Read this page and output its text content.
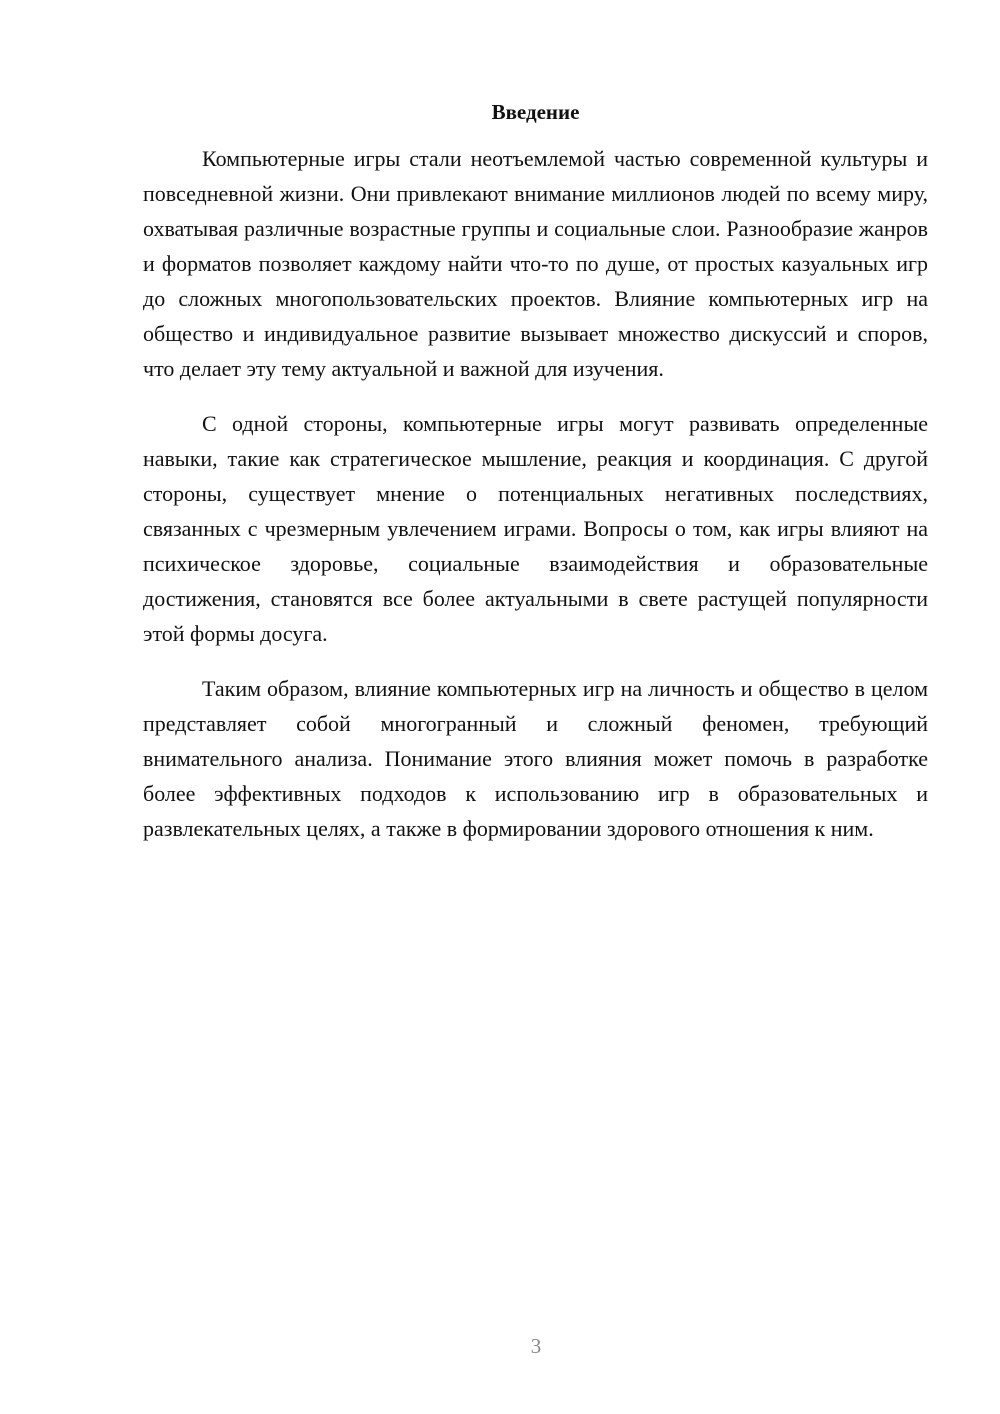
Введение

Компьютерные игры стали неотъемлемой частью современной культуры и повседневной жизни. Они привлекают внимание миллионов людей по всему миру, охватывая различные возрастные группы и социальные слои. Разнообразие жанров и форматов позволяет каждому найти что-то по душе, от простых казуальных игр до сложных многопользовательских проектов. Влияние компьютерных игр на общество и индивидуальное развитие вызывает множество дискуссий и споров, что делает эту тему актуальной и важной для изучения.

С одной стороны, компьютерные игры могут развивать определенные навыки, такие как стратегическое мышление, реакция и координация. С другой стороны, существует мнение о потенциальных негативных последствиях, связанных с чрезмерным увлечением играми. Вопросы о том, как игры влияют на психическое здоровье, социальные взаимодействия и образовательные достижения, становятся все более актуальными в свете растущей популярности этой формы досуга.

Таким образом, влияние компьютерных игр на личность и общество в целом представляет собой многогранный и сложный феномен, требующий внимательного анализа. Понимание этого влияния может помочь в разработке более эффективных подходов к использованию игр в образовательных и развлекательных целях, а также в формировании здорового отношения к ним.

3
